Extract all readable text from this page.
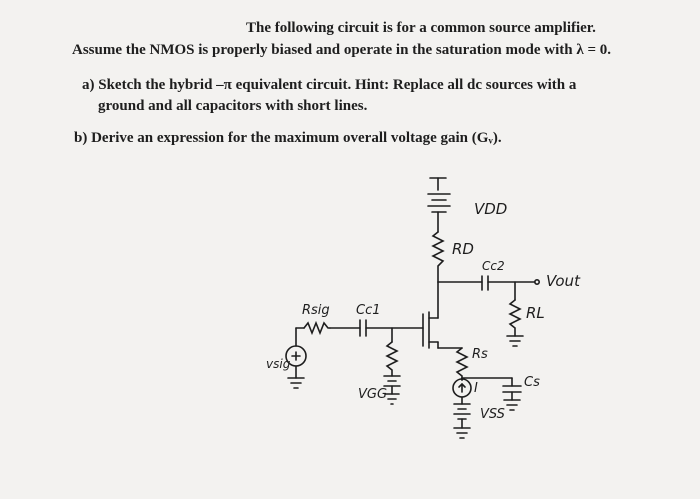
The following circuit is for a common source amplifier.
Assume the NMOS is properly biased and operate in the saturation mode with λ = 0.
a) Sketch the hybrid –π equivalent circuit. Hint: Replace all dc sources with a
ground and all capacitors with short lines.
b) Derive an expression for the maximum overall voltage gain (Gᵥ).
VDD
RD
Cc2
Vout
RL
Rsig Cc1
vsig
VGG
Rs
I	Cs
VSS
